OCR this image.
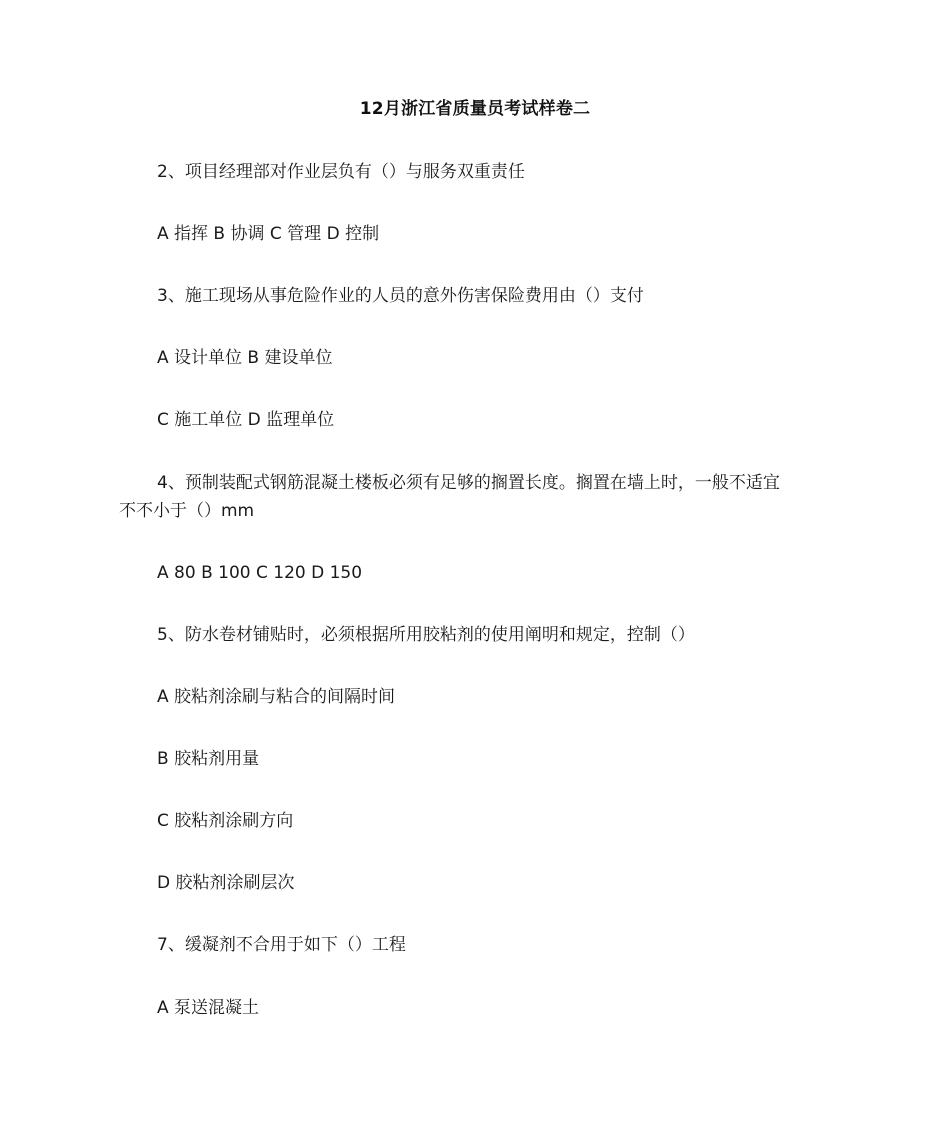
12月浙江省质量员考试样卷二
2、项目经理部对作业层负有（）与服务双重责任
A 指挥 B 协调 C 管理 D 控制
3、施工现场从事危险作业的人员的意外伤害保险费用由（）支付
A 设计单位 B 建设单位
C 施工单位 D 监理单位
4、预制装配式钢筋混凝土楼板必须有足够的搁置长度。搁置在墙上时，一般不适宜
不不小于（）mm
A 80 B 100 C 120 D 150
5、防水卷材铺贴时，必须根据所用胶粘剂的使用阐明和规定，控制（）
A 胶粘剂涂刷与粘合的间隔时间
B 胶粘剂用量
C 胶粘剂涂刷方向
D 胶粘剂涂刷层次
7、缓凝剂不合用于如下（）工程
A 泵送混凝土
